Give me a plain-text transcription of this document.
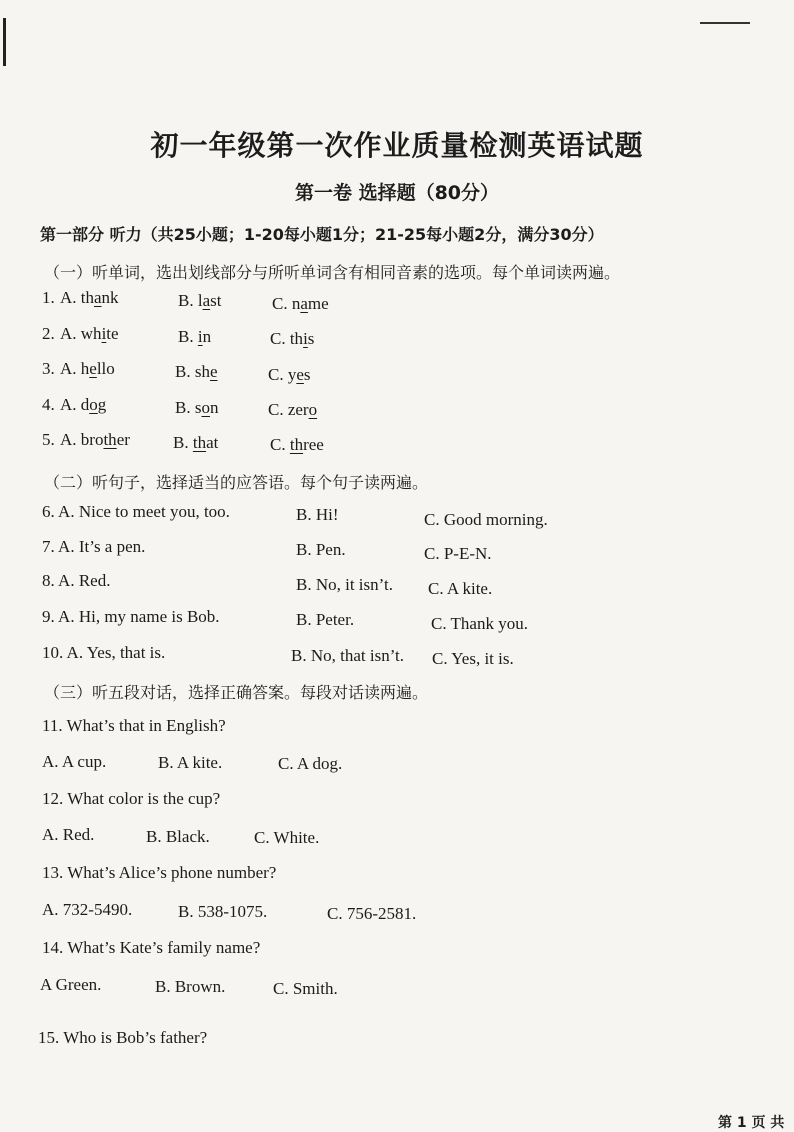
初一年级第一次作业质量检测英语试题
第一卷 选择题（80分）
第一部分 听力（共25小题；1-20每小题1分；21-25每小题2分，满分30分）
（一）听单词，选出划线部分与所听单词含有相同音素的选项。每个单词读两遍。
1. A. thank	B. last	C. name
2. A. white	B. in	C. this
3. A. hello	B. she	C. yes
4. A. dog	B. son	C. zero
5. A. brother	B. that	C. three
（二）听句子，选择适当的应答语。每个句子读两遍。
6. A. Nice to meet you, too.	B. Hi!	C. Good morning.
7. A. It’s a pen.	B. Pen.	C. P-E-N.
8. A. Red.	B. No, it isn’t. C. A kite.
9. A. Hi, my name is Bob.	B. Peter.	C. Thank you.
10. A. Yes, that is.	B. No, that isn’t. C. Yes, it is.
（三）听五段对话，选择正确答案。每段对话读两遍。
11. What’s that in English?
A. A cup.	B. A kite.	C. A dog.
12. What color is the cup?
A. Red.	B. Black.	C. White.
13. What’s Alice’s phone number?
A. 732-5490.	B. 538-1075.	C. 756-2581.
14. What’s Kate’s family name?
A Green.	B. Brown.	C. Smith.
15. Who is Bob’s father?
第 1 页 共
